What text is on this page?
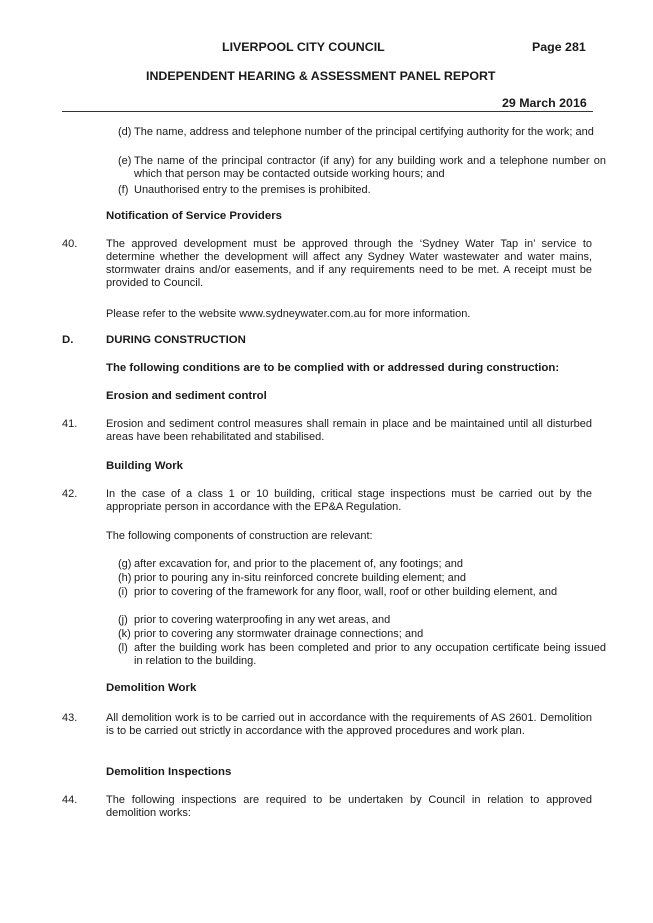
LIVERPOOL CITY COUNCIL	Page 281
INDEPENDENT HEARING & ASSESSMENT PANEL REPORT
29 March 2016
(d) The name, address and telephone number of the principal certifying authority for the work; and
(e) The name of the principal contractor (if any) for any building work and a telephone number on which that person may be contacted outside working hours; and
(f) Unauthorised entry to the premises is prohibited.
Notification of Service Providers
40.	The approved development must be approved through the ‘Sydney Water Tap in’ service to determine whether the development will affect any Sydney Water wastewater and water mains, stormwater drains and/or easements, and if any requirements need to be met. A receipt must be provided to Council.
Please refer to the website www.sydneywater.com.au for more information.
D.	DURING CONSTRUCTION
The following conditions are to be complied with or addressed during construction:
Erosion and sediment control
41.	Erosion and sediment control measures shall remain in place and be maintained until all disturbed areas have been rehabilitated and stabilised.
Building Work
42.	In the case of a class 1 or 10 building, critical stage inspections must be carried out by the appropriate person in accordance with the EP&A Regulation.
The following components of construction are relevant:
(g) after excavation for, and prior to the placement of, any footings; and
(h) prior to pouring any in-situ reinforced concrete building element; and
(i) prior to covering of the framework for any floor, wall, roof or other building element, and
(j) prior to covering waterproofing in any wet areas, and
(k) prior to covering any stormwater drainage connections; and
(l) after the building work has been completed and prior to any occupation certificate being issued in relation to the building.
Demolition Work
43.	All demolition work is to be carried out in accordance with the requirements of AS 2601. Demolition is to be carried out strictly in accordance with the approved procedures and work plan.
Demolition Inspections
44.	The following inspections are required to be undertaken by Council in relation to approved demolition works:
